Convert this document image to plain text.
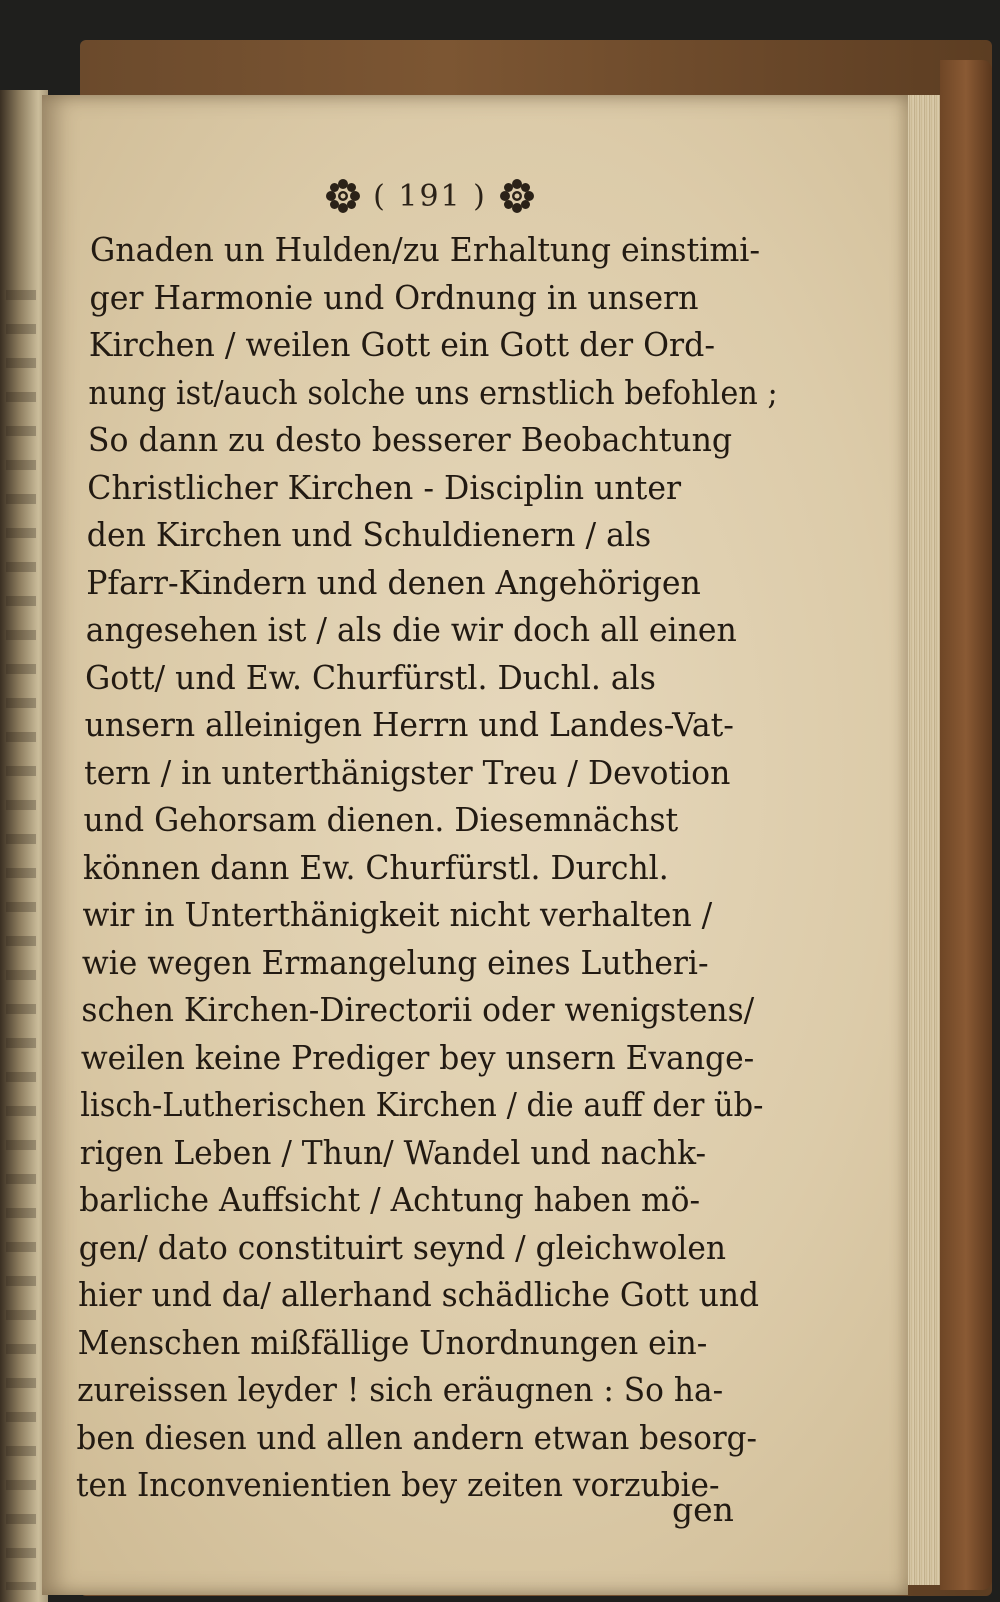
( 191 )
Gnaden un Hulden/zu Erhaltung einstimi-
ger Harmonie und Ordnung in unsern
Kirchen / weilen Gott ein Gott der Ord-
nung ist/auch solche uns ernstlich befohlen ;
So dann zu desto besserer Beobachtung
Christlicher Kirchen - Disciplin unter
den Kirchen und Schuldienern / als
Pfarr-Kindern und denen Angehörigen
angesehen ist / als die wir doch all einen
Gott/ und Ew. Churfürstl. Duchl. als
unsern alleinigen Herrn und Landes-Vat-
tern / in unterthänigster Treu / Devotion
und Gehorsam dienen. Diesemnächst
können dann Ew. Churfürstl. Durchl.
wir in Unterthänigkeit nicht verhalten /
wie wegen Ermangelung eines Lutheri-
schen Kirchen-Directorii oder wenigstens/
weilen keine Prediger bey unsern Evange-
lisch-Lutherischen Kirchen / die auff der üb-
rigen Leben / Thun/ Wandel und nachk-
barliche Auffsicht / Achtung haben mö-
gen/ dato constituirt seynd / gleichwolen
hier und da/ allerhand schädliche Gott und
Menschen mißfällige Unordnungen ein-
zureissen leyder ! sich eräugnen : So ha-
ben diesen und allen andern etwan besorg-
ten Inconvenientien bey zeiten vorzubie-
gen
